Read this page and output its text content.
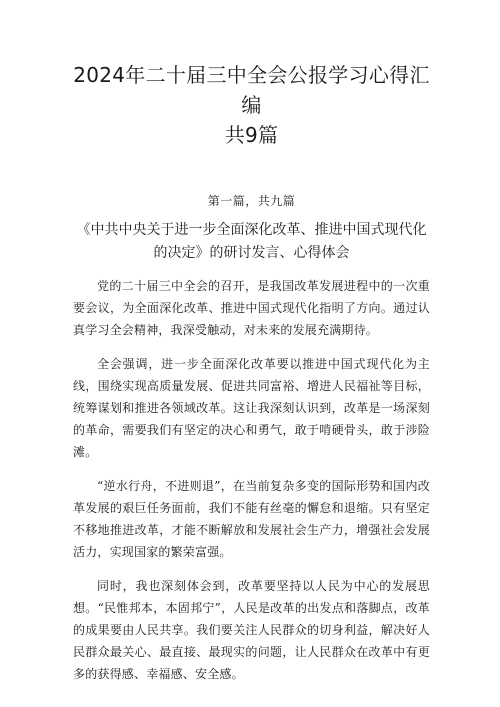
2024年二十届三中全会公报学习心得汇编
共9篇
第一篇，共九篇
《中共中央关于进一步全面深化改革、推进中国式现代化的决定》的研讨发言、心得体会

党的二十届三中全会的召开，是我国改革发展进程中的一次重要会议，为全面深化改革、推进中国式现代化指明了方向。通过认真学习全会精神，我深受触动，对未来的发展充满期待。

全会强调，进一步全面深化改革要以推进中国式现代化为主线，围绕实现高质量发展、促进共同富裕、增进人民福祉等目标，统筹谋划和推进各领域改革。这让我深刻认识到，改革是一场深刻的革命，需要我们有坚定的决心和勇气，敢于啃硬骨头，敢于涉险滩。

“逆水行舟，不进则退”，在当前复杂多变的国际形势和国内改革发展的艰巨任务面前，我们不能有丝毫的懈怠和退缩。只有坚定不移地推进改革，才能不断解放和发展社会生产力，增强社会发展活力，实现国家的繁荣富强。

同时，我也深刻体会到，改革要坚持以人民为中心的发展思想。“民惟邦本，本固邦宁”，人民是改革的出发点和落脚点，改革的成果要由人民共享。我们要关注人民群众的切身利益，解决好人民群众最关心、最直接、最现实的问题，让人民群众在改革中有更多的获得感、幸福感、安全感。
